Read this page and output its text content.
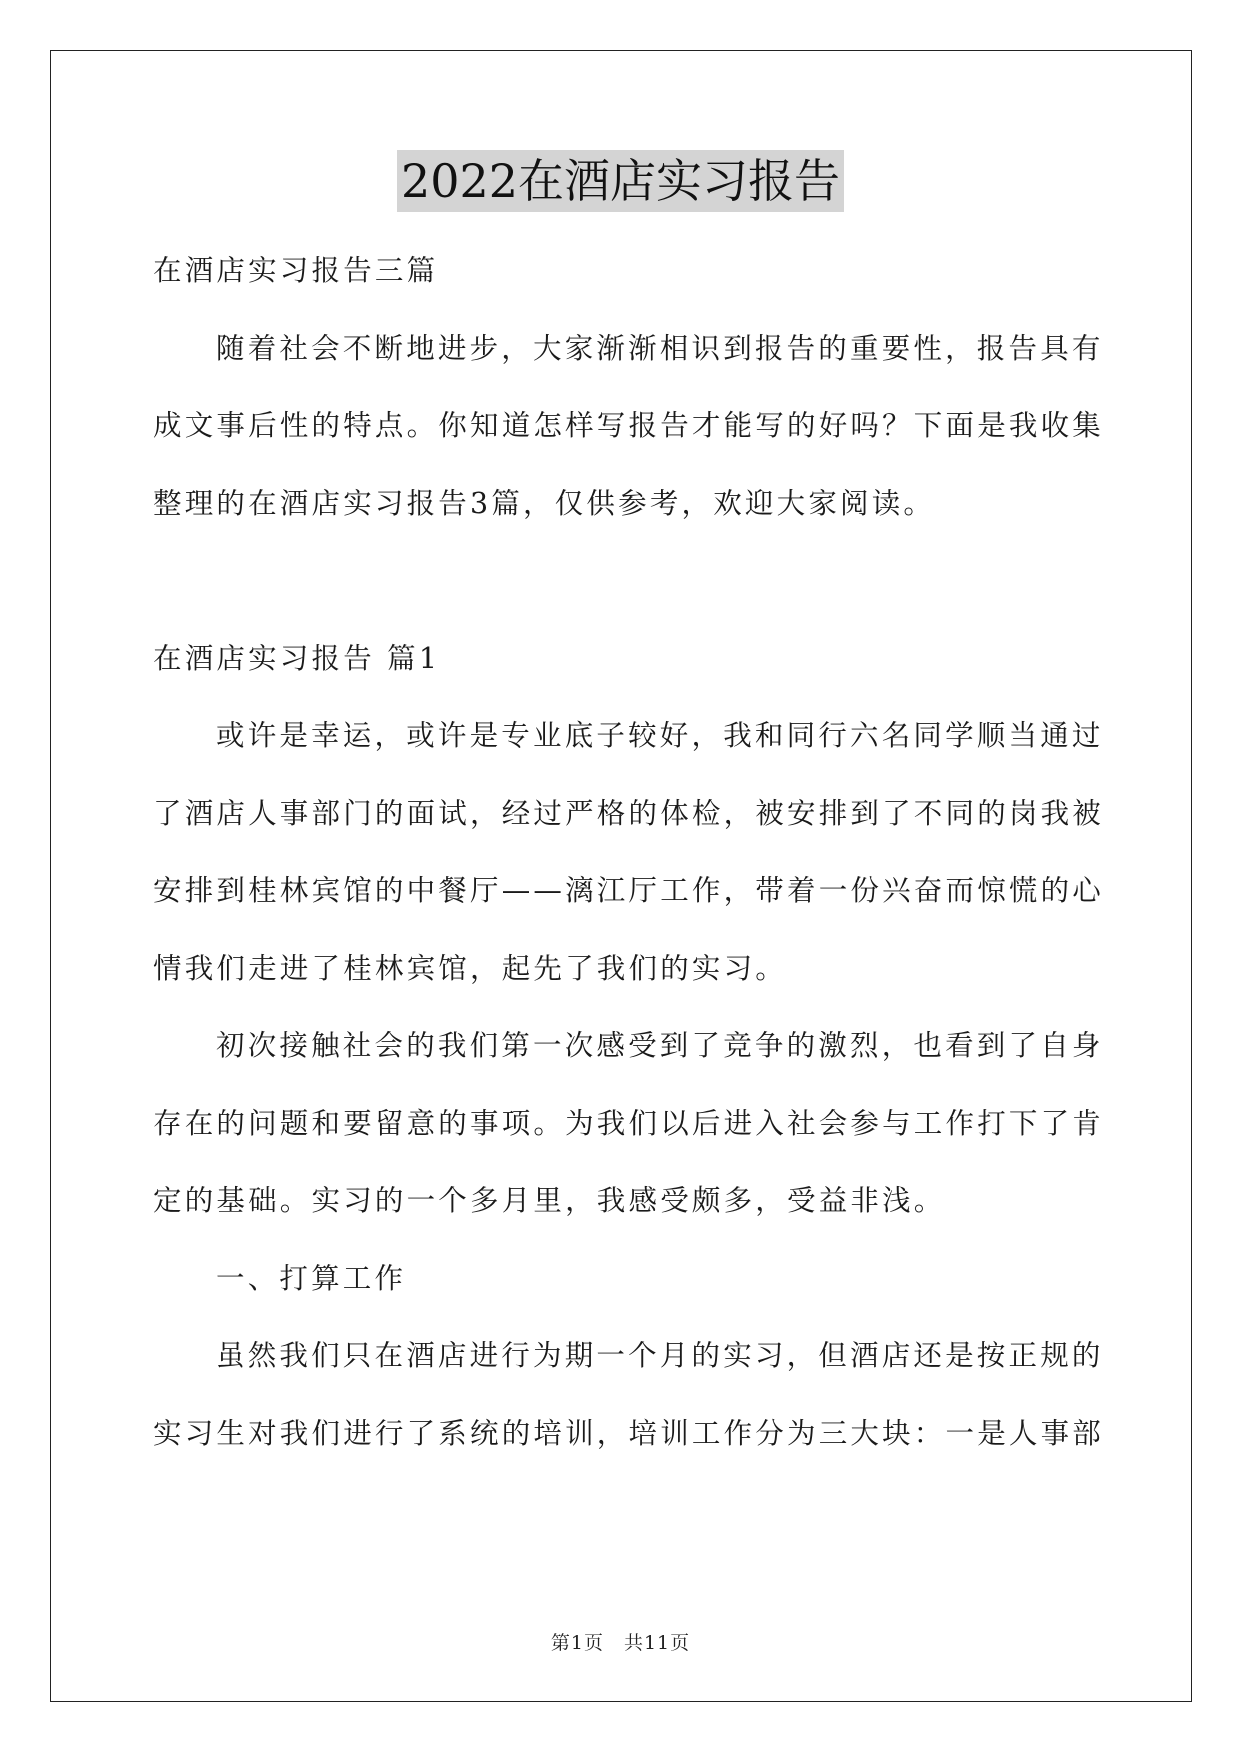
2022在酒店实习报告
在酒店实习报告三篇
随着社会不断地进步，大家渐渐相识到报告的重要性，报告具有
成文事后性的特点。你知道怎样写报告才能写的好吗？下面是我收集
整理的在酒店实习报告3篇，仅供参考，欢迎大家阅读。
在酒店实习报告 篇1
或许是幸运，或许是专业底子较好，我和同行六名同学顺当通过
了酒店人事部门的面试，经过严格的体检，被安排到了不同的岗我被
安排到桂林宾馆的中餐厅——漓江厅工作，带着一份兴奋而惊慌的心
情我们走进了桂林宾馆，起先了我们的实习。
初次接触社会的我们第一次感受到了竞争的激烈，也看到了自身
存在的问题和要留意的事项。为我们以后进入社会参与工作打下了肯
定的基础。实习的一个多月里，我感受颇多，受益非浅。
一、打算工作
虽然我们只在酒店进行为期一个月的实习，但酒店还是按正规的
实习生对我们进行了系统的培训，培训工作分为三大块：一是人事部
第1页　共11页
